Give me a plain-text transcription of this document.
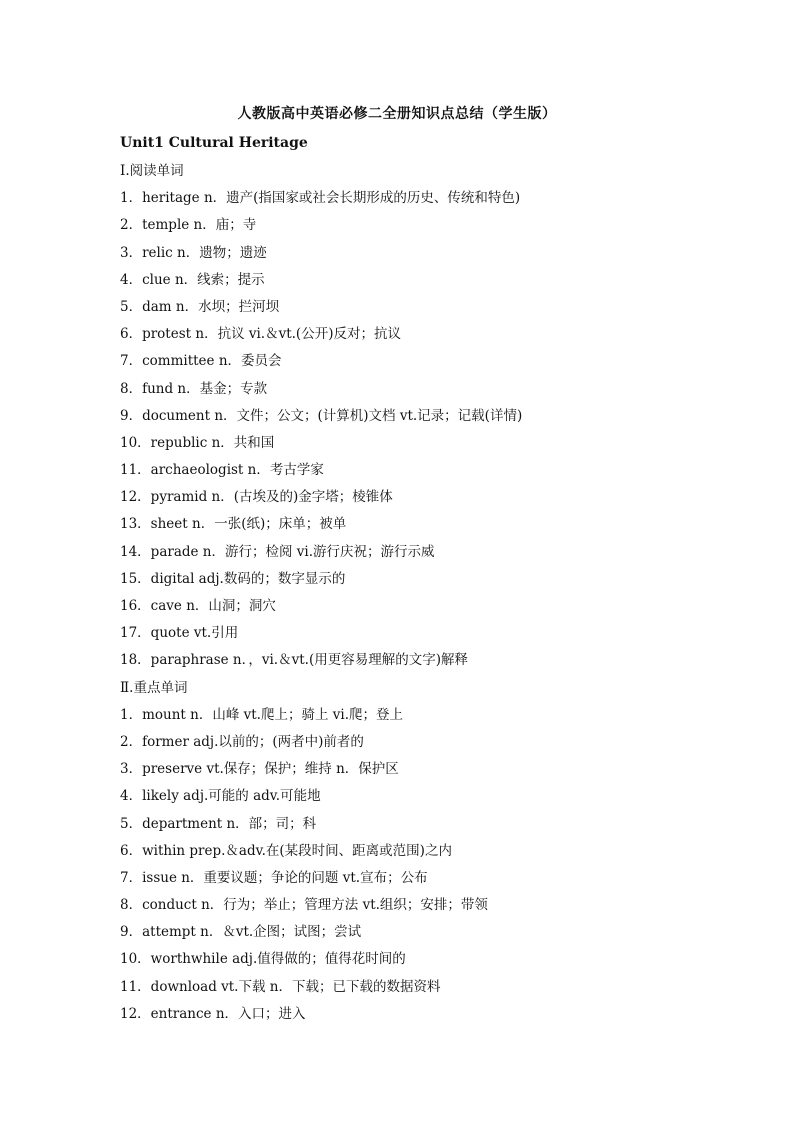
人教版高中英语必修二全册知识点总结（学生版）
Unit1 Cultural Heritage
Ⅰ.阅读单词
1．heritage n．遗产(指国家或社会长期形成的历史、传统和特色)
2．temple n．庙；寺
3．relic n．遗物；遗迹
4．clue n．线索；提示
5．dam n．水坝；拦河坝
6．protest n．抗议 vi.＆vt.(公开)反对；抗议
7．committee n．委员会
8．fund n．基金；专款
9．document n．文件；公文；(计算机)文档 vt.记录；记载(详情)
10．republic n．共和国
11．archaeologist n．考古学家
12．pyramid n．(古埃及的)金字塔；棱锥体
13．sheet n．一张(纸)；床单；被单
14．parade n．游行；检阅 vi.游行庆祝；游行示威
15．digital adj.数码的；数字显示的
16．cave n．山洞；洞穴
17．quote vt.引用
18．paraphrase n．，vi.＆vt.(用更容易理解的文字)解释
Ⅱ.重点单词
1．mount n．山峰 vt.爬上；骑上 vi.爬；登上
2．former adj.以前的；(两者中)前者的
3．preserve vt.保存；保护；维持 n．保护区
4．likely adj.可能的 adv.可能地
5．department n．部；司；科
6．within prep.＆adv.在(某段时间、距离或范围)之内
7．issue n．重要议题；争论的问题 vt.宣布；公布
8．conduct n．行为；举止；管理方法 vt.组织；安排；带领
9．attempt n．＆vt.企图；试图；尝试
10．worthwhile adj.值得做的；值得花时间的
11．download vt.下载 n．下载；已下载的数据资料
12．entrance n．入口；进入
